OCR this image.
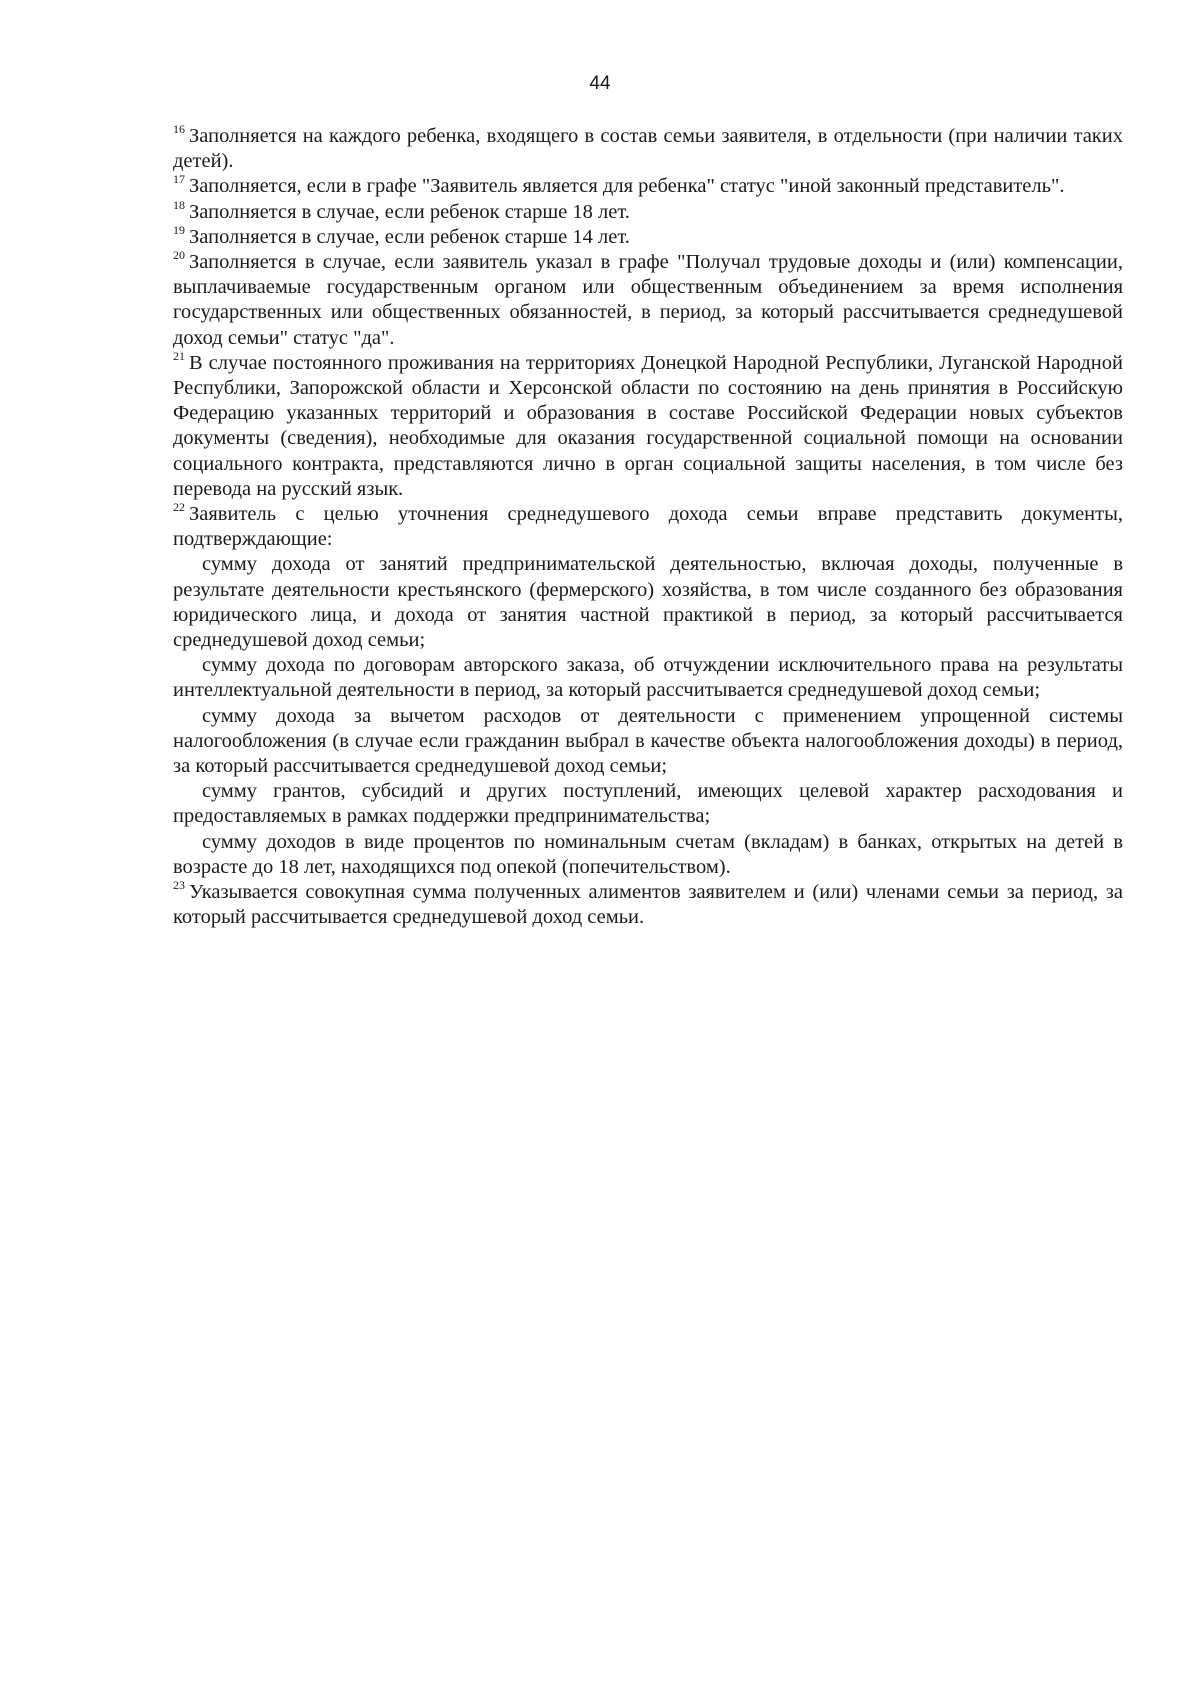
44

$^{16}$ Заполняется на каждого ребенка, входящего в состав семьи заявителя, в отдельности (при наличии таких детей).

$^{17}$ Заполняется, если в графе "Заявитель является для ребенка" статус "иной законный представитель".

$^{18}$ Заполняется в случае, если ребенок старше 18 лет.

$^{19}$ Заполняется в случае, если ребенок старше 14 лет.

$^{20}$ Заполняется в случае, если заявитель указал в графе "Получал трудовые доходы и (или) компенсации, выплачиваемые государственным органом или общественным объединением за время исполнения государственных или общественных обязанностей, в период, за который рассчитывается среднедушевой доход семьи" статус "да".

$^{21}$ В случае постоянного проживания на территориях Донецкой Народной Республики, Луганской Народной Республики, Запорожской области и Херсонской области по состоянию на день принятия в Российскую Федерацию указанных территорий и образования в составе Российской Федерации новых субъектов документы (сведения), необходимые для оказания государственной социальной помощи на основании социального контракта, представляются лично в орган социальной защиты населения, в том числе без перевода на русский язык.

$^{22}$ Заявитель с целью уточнения среднедушевого дохода семьи вправе представить документы, подтверждающие:

сумму дохода от занятий предпринимательской деятельностью, включая доходы, полученные в результате деятельности крестьянского (фермерского) хозяйства, в том числе созданного без образования юридического лица, и дохода от занятия частной практикой в период, за который рассчитывается среднедушевой доход семьи;

сумму дохода по договорам авторского заказа, об отчуждении исключительного права на результаты интеллектуальной деятельности в период, за который рассчитывается среднедушевой доход семьи;

сумму дохода за вычетом расходов от деятельности с применением упрощенной системы налогообложения (в случае если гражданин выбрал в качестве объекта налогообложения доходы) в период, за который рассчитывается среднедушевой доход семьи;

сумму грантов, субсидий и других поступлений, имеющих целевой характер расходования и предоставляемых в рамках поддержки предпринимательства;

сумму доходов в виде процентов по номинальным счетам (вкладам) в банках, открытых на детей в возрасте до 18 лет, находящихся под опекой (попечительством).

$^{23}$ Указывается совокупная сумма полученных алиментов заявителем и (или) членами семьи за период, за который рассчитывается среднедушевой доход семьи.
